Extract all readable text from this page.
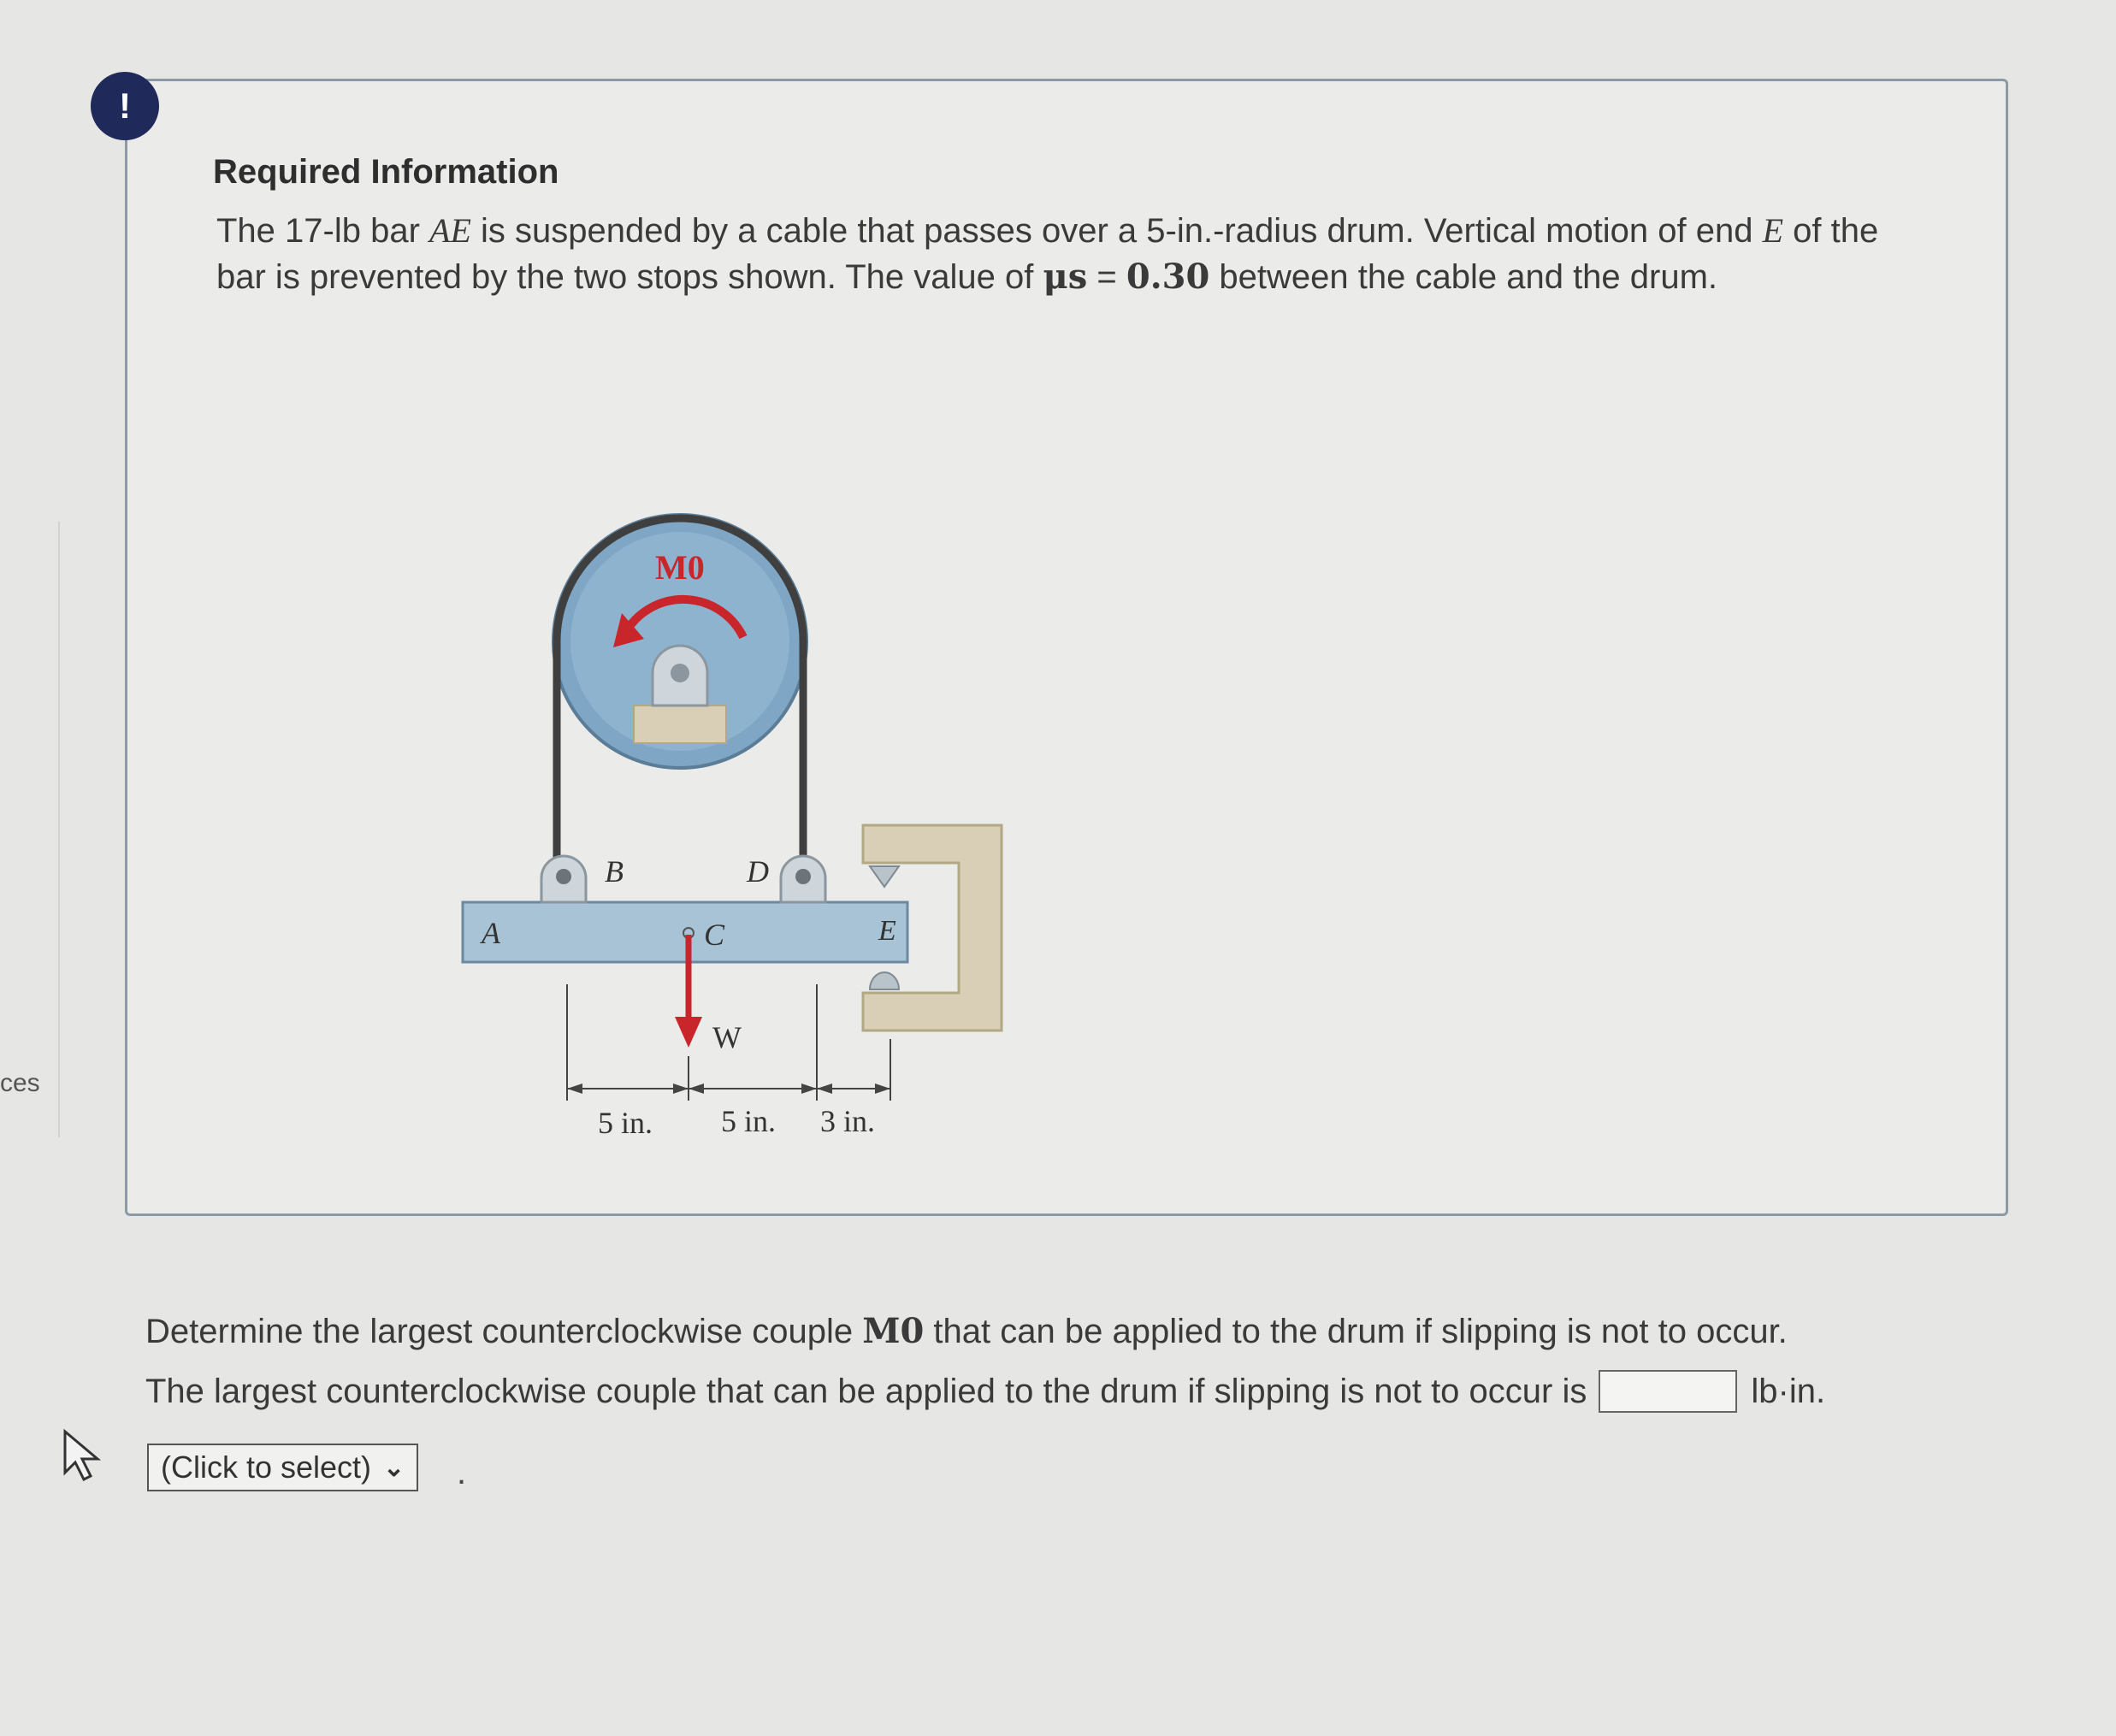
ces
!
Required Information
The 17-lb bar AE is suspended by a cable that passes over a 5-in.-radius drum. Vertical motion of end E of the bar is prevented by the two stops shown. The value of μs = 0.30 between the cable and the drum.
M0
A
B
C
D
E
W
5 in. 5 in. 3 in.
Determine the largest counterclockwise couple M0 that can be applied to the drum if slipping is not to occur.
The largest counterclockwise couple that can be applied to the drum if slipping is not to occur is	lb·in.
(Click to select) ⌄ .
